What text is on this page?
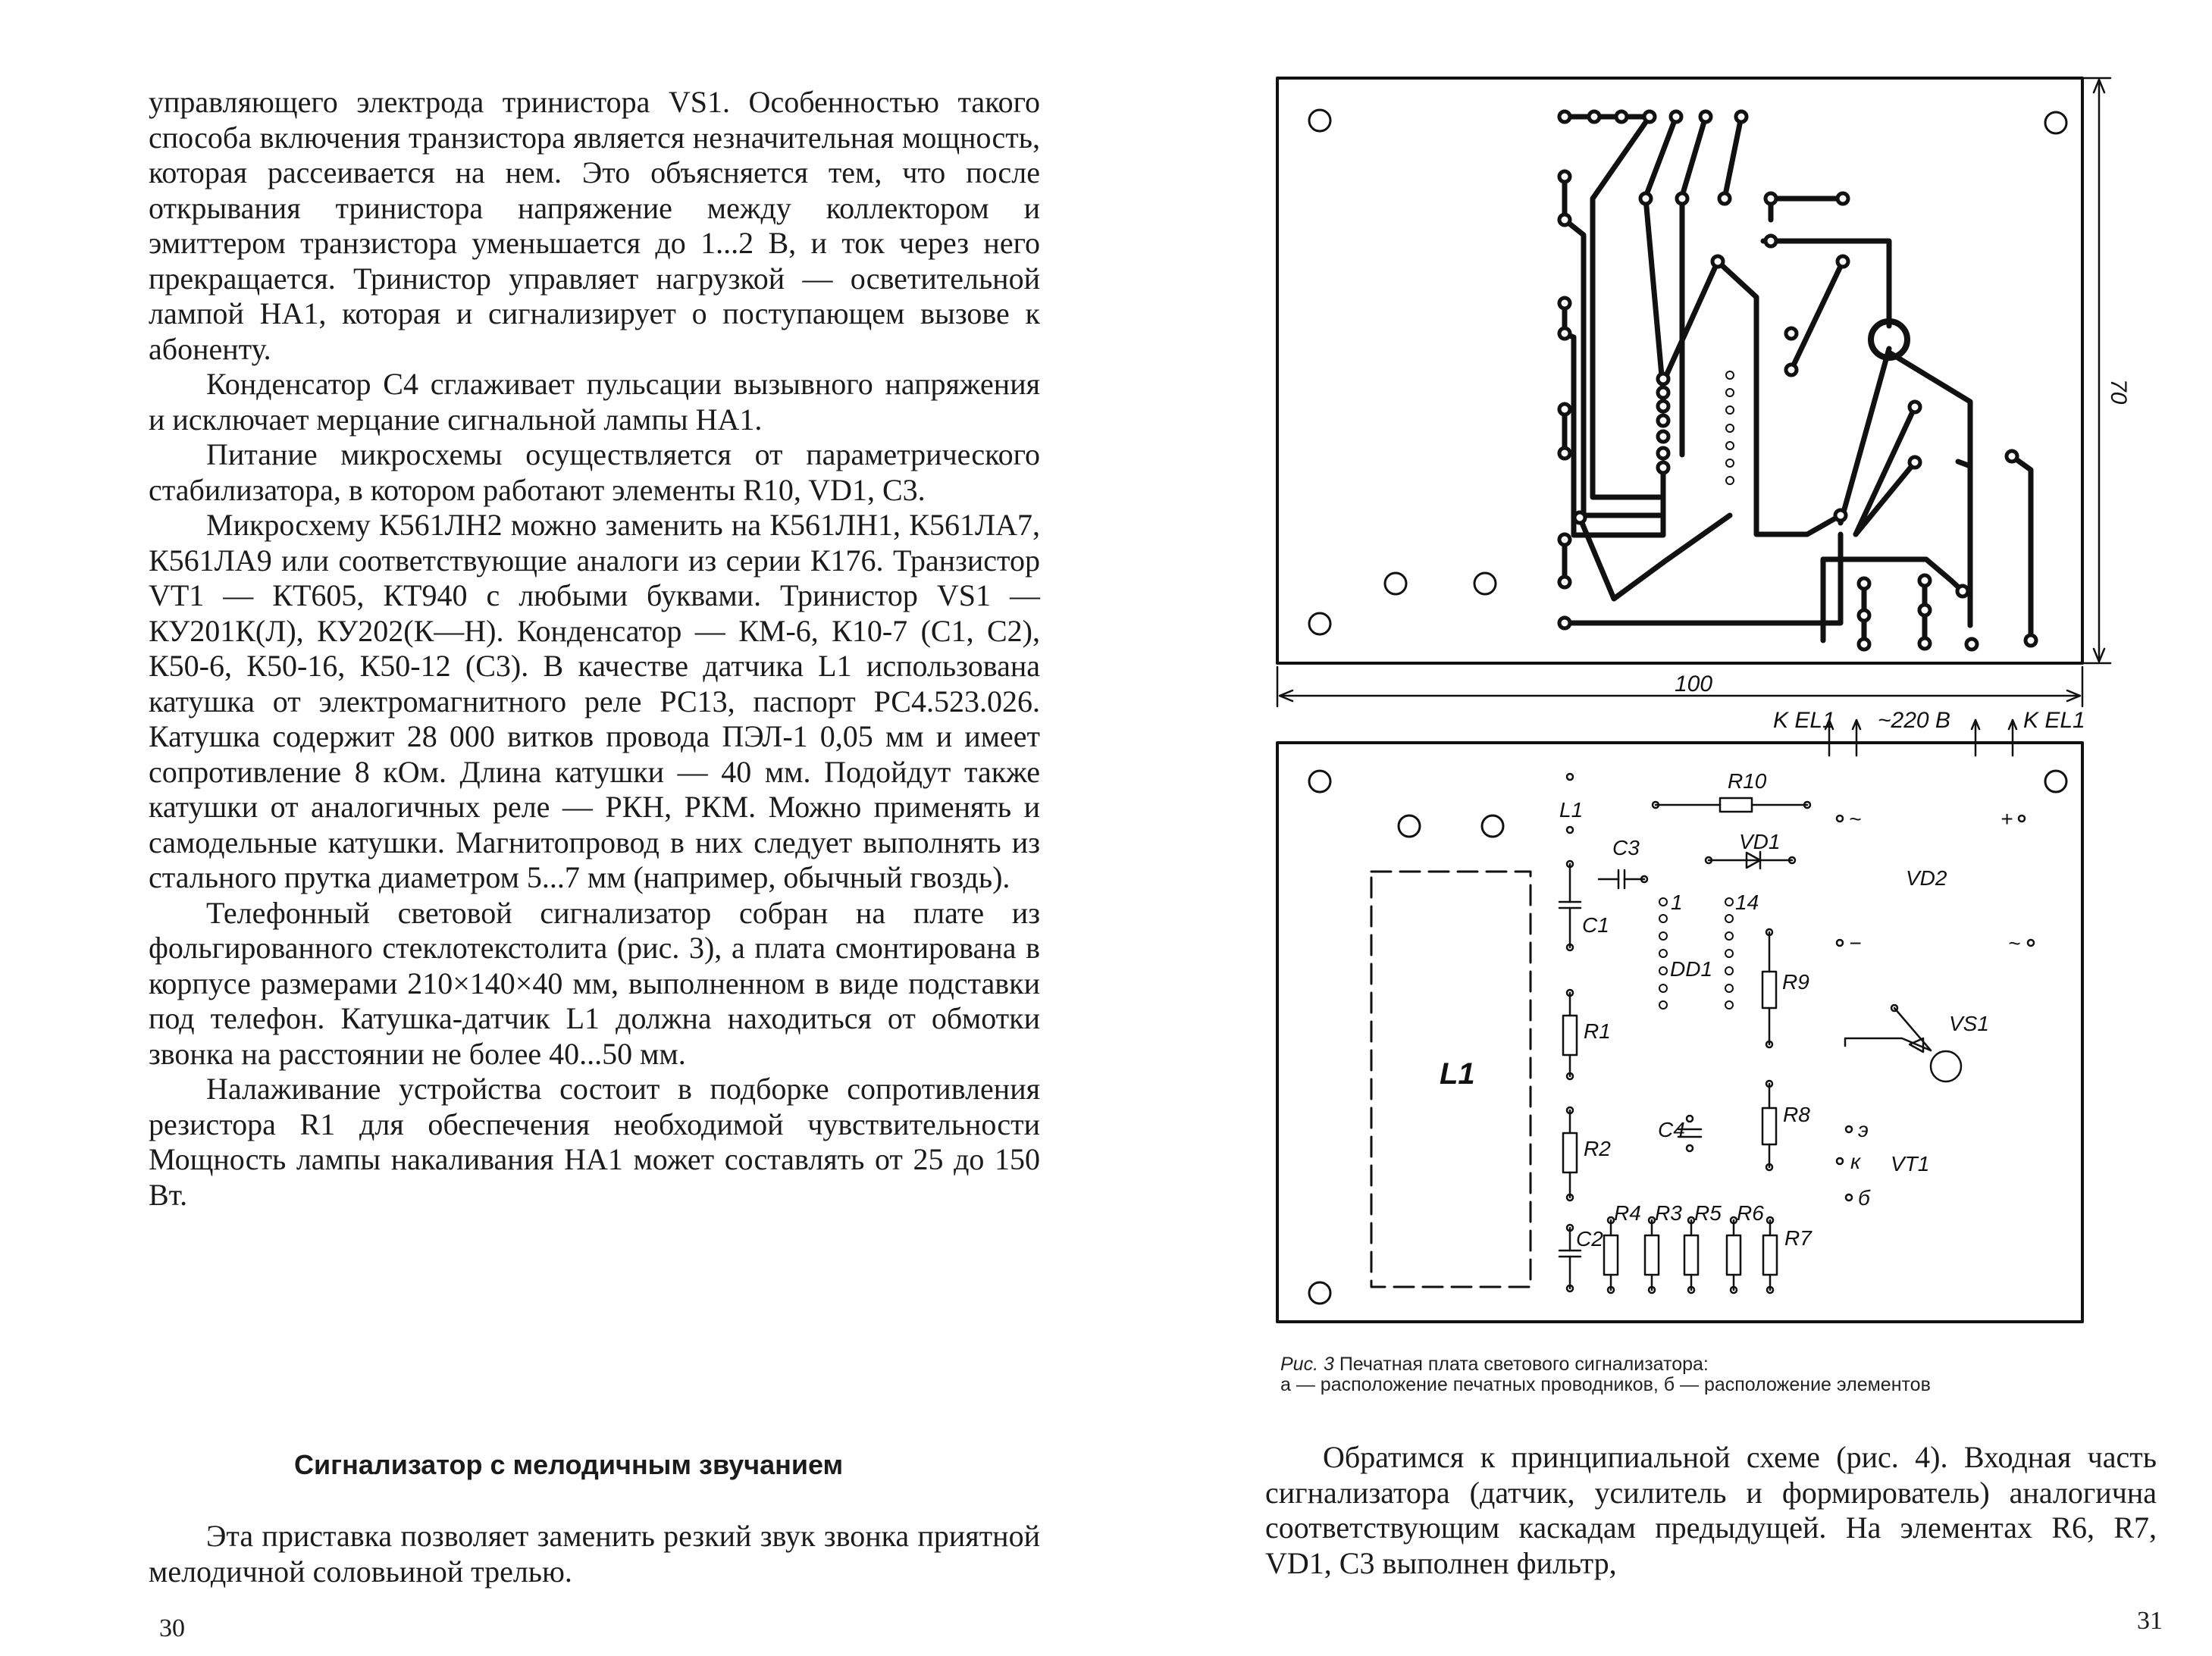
управляющего электрода тринистора VS1. Особенностью такого способа включения транзистора является незначительная мощность, которая рассеивается на нем. Это объясняется тем, что после открывания тринистора напряжение между коллектором и эмиттером транзистора уменьшается до 1...2 В, и ток через него прекращается. Тринистор управляет нагрузкой — осветительной лампой HA1, которая и сигнализирует о поступающем вызове к абоненту.

Конденсатор C4 сглаживает пульсации вызывного напряжения и исключает мерцание сигнальной лампы HA1.

Питание микросхемы осуществляется от параметрического стабилизатора, в котором работают элементы R10, VD1, C3.

Микросхему К561ЛН2 можно заменить на К561ЛН1, К561ЛА7, К561ЛА9 или соответствующие аналоги из серии К176. Транзистор VT1 — КТ605, КТ940 с любыми буквами. Тринистор VS1 — КУ201К(Л), КУ202(К—Н). Конденсатор — КМ-6, К10-7 (C1, C2), К50-6, К50-16, К50-12 (C3). В качестве датчика L1 использована катушка от электромагнитного реле РС13, паспорт РС4.523.026. Катушка содержит 28 000 витков провода ПЭЛ-1 0,05 мм и имеет сопротивление 8 кОм. Длина катушки — 40 мм. Подойдут также катушки от аналогичных реле — РКН, РКМ. Можно применять и самодельные катушки. Магнитопровод в них следует выполнять из стального прутка диаметром 5...7 мм (например, обычный гвоздь).

Телефонный световой сигнализатор собран на плате из фольгированного стеклотекстолита (рис. 3), а плата смонтирована в корпусе размерами 210×140×40 мм, выполненном в виде подставки под телефон. Катушка-датчик L1 должна находиться от обмотки звонка на расстоянии не более 40...50 мм.

Налаживание устройства состоит в подборке сопротивления резистора R1 для обеспечения необходимой чувствительности Мощность лампы накаливания HA1 может составлять от 25 до 150 Вт.

Сигнализатор с мелодичным звучанием

Эта приставка позволяет заменить резкий звук звонка приятной мелодичной соловьиной трелью.

30
70
100
K EL1 ~220 B	K EL1
L1
R10
C3	VD1
VD2
C1
DD1
1 14
R9
R1	VS1
C4
R8
R2
C2
R4 R3 R5 R6
R7
VT1
э
к
б
+
~
~
−
L1
Рис. 3 Печатная плата светового сигнализатора:
а — расположение печатных проводников, б — расположение элементов

Обратимся к принципиальной схеме (рис. 4). Входная часть сигнализатора (датчик, усилитель и формирователь) аналогична соответствующим каскадам предыдущей. На элементах R6, R7, VD1, C3 выполнен фильтр,

31
